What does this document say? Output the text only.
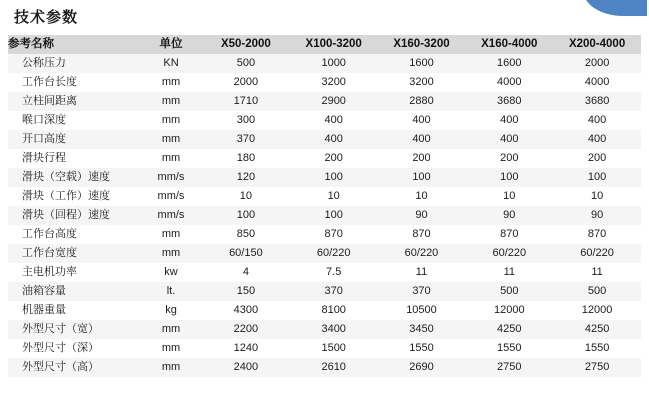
技术参数
参考名称	单位	X50-2000	X100-3200	X160-3200	X160-4000	X200-4000
公称压力	KN	500	1000	1600	1600	2000
工作台长度	mm	2000	3200	3200	4000	4000
立柱间距离	mm	1710	2900	2880	3680	3680
喉口深度	mm	300	400	400	400	400
开口高度	mm	370	400	400	400	400
滑块行程	mm	180	200	200	200	200
滑块（空载）速度	mm/s	120	100	100	100	100
滑块（工作）速度	mm/s	10	10	10	10	10
滑块（回程）速度	mm/s	100	100	90	90	90
工作台高度	mm	850	870	870	870	870
工作台宽度	mm	60/150	60/220	60/220	60/220	60/220
主电机功率	kw	4	7.5	11	11	11
油箱容量	lt.	150	370	370	500	500
机器重量	kg	4300	8100	10500	12000	12000
外型尺寸（宽）	mm	2200	3400	3450	4250	4250
外型尺寸（深）	mm	1240	1500	1550	1550	1550
外型尺寸（高）	mm	2400	2610	2690	2750	2750
